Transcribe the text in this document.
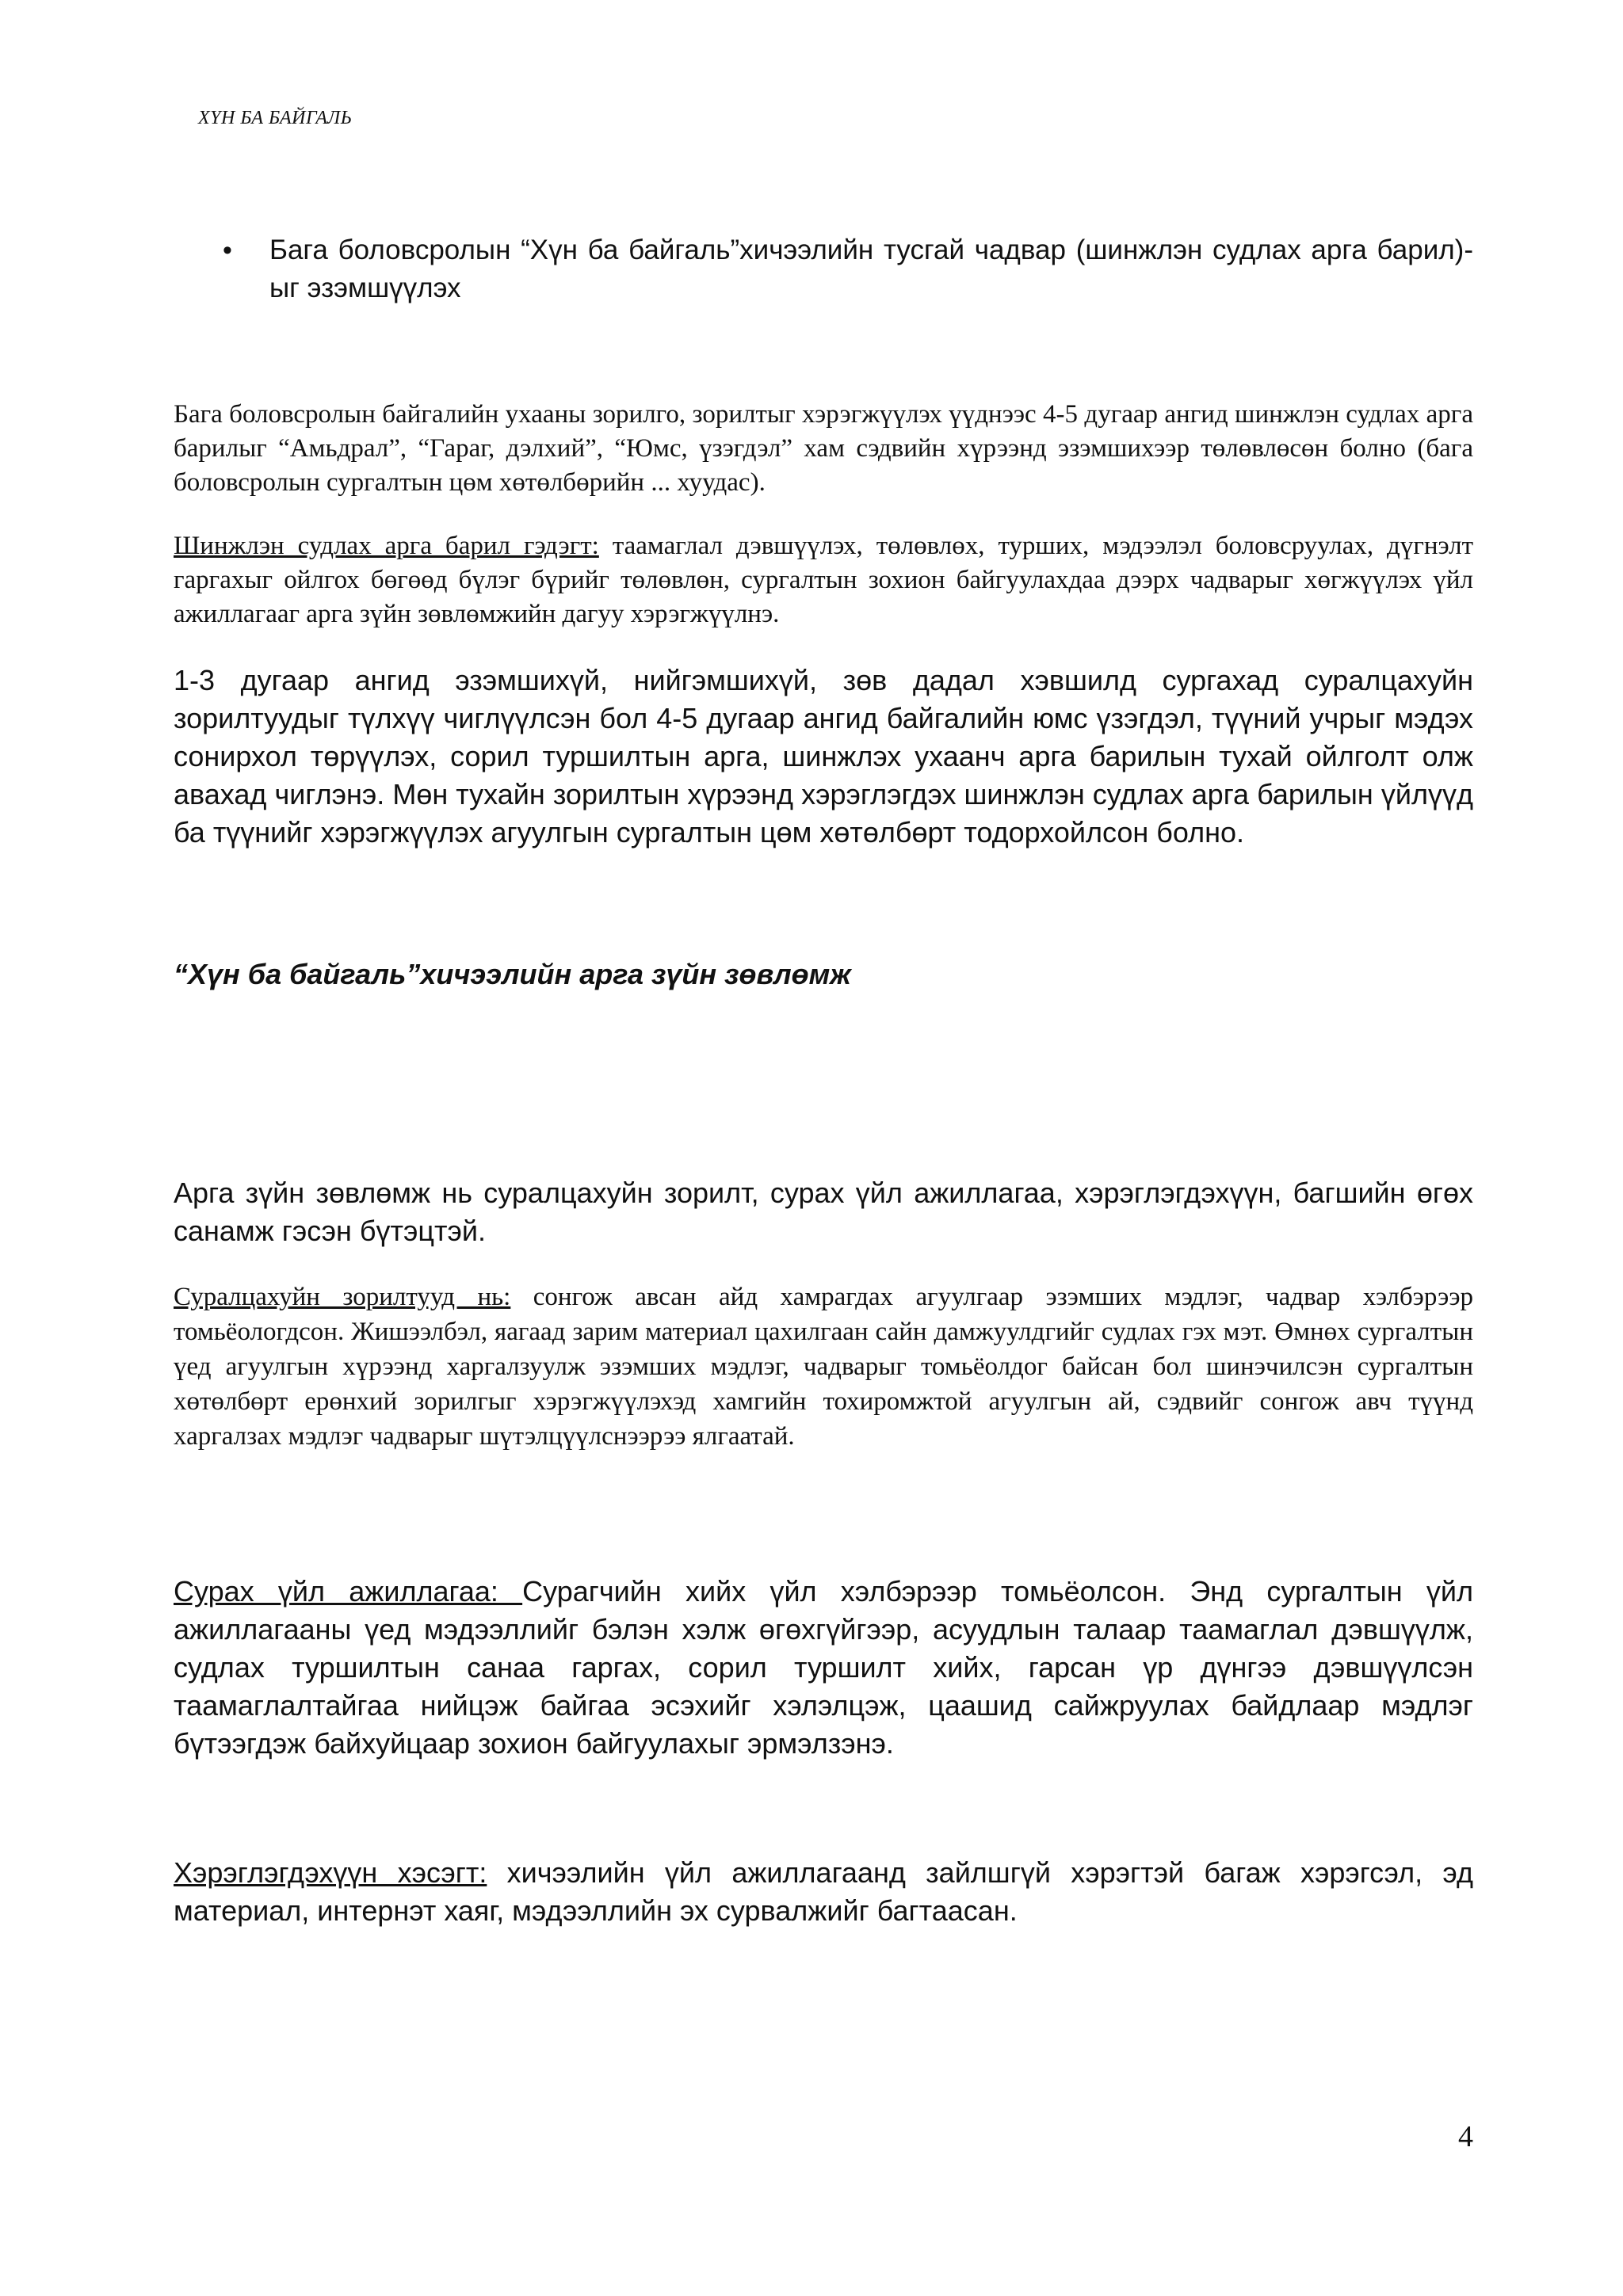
ХҮН БА БАЙГАЛЬ
• Бага боловсролын “Хүн ба байгаль”хичээлийн тусгай чадвар (шинжлэн судлах арга барил)-ыг эзэмшүүлэх

Бага боловсролын байгалийн ухааны зорилго, зорилтыг хэрэгжүүлэх үүднээс 4-5 дугаар ангид шинжлэн судлах арга барилыг “Амьдрал”, “Гараг, дэлхий”, “Юмс, үзэгдэл” хам сэдвийн хүрээнд эзэмшихээр төлөвлөсөн болно (бага боловсролын сургалтын цөм хөтөлбөрийн ... хуудас).

Шинжлэн судлах арга барил гэдэгт: таамаглал дэвшүүлэх, төлөвлөх, турших, мэдээлэл боловсруулах, дүгнэлт гаргахыг ойлгох бөгөөд бүлэг бүрийг төлөвлөн, сургалтын зохион байгуулахдаа дээрх чадварыг хөгжүүлэх үйл ажиллагааг арга зүйн зөвлөмжийн дагуу хэрэгжүүлнэ.

1-3 дугаар ангид эзэмшихүй, нийгэмшихүй, зөв дадал хэвшилд сургахад суралцахуйн зорилтуудыг түлхүү чиглүүлсэн бол 4-5 дугаар ангид байгалийн юмс үзэгдэл, түүний учрыг мэдэх сонирхол төрүүлэх, сорил туршилтын арга, шинжлэх ухаанч арга барилын тухай ойлголт олж авахад чиглэнэ. Мөн тухайн зорилтын хүрээнд хэрэглэгдэх шинжлэн судлах арга барилын үйлүүд ба түүнийг хэрэгжүүлэх агуулгын сургалтын цөм хөтөлбөрт тодорхойлсон болно.

“Хүн ба байгаль”хичээлийн арга зүйн зөвлөмж

Арга зүйн зөвлөмж нь суралцахуйн зорилт, сурах үйл ажиллагаа, хэрэглэгдэхүүн, багшийн өгөх санамж гэсэн бүтэцтэй.

Суралцахуйн зорилтууд нь: сонгож авсан айд хамрагдах агуулгаар эзэмших мэдлэг, чадвар хэлбэрээр томьёологдсон. Жишээлбэл, яагаад зарим материал цахилгаан сайн дамжуулдгийг судлах гэх мэт. Өмнөх сургалтын үед агуулгын хүрээнд харгалзуулж эзэмших мэдлэг, чадварыг томьёолдог байсан бол шинэчилсэн сургалтын хөтөлбөрт ерөнхий зорилгыг хэрэгжүүлэхэд хамгийн тохиромжтой агуулгын ай, сэдвийг сонгож авч түүнд харгалзах мэдлэг чадварыг шүтэлцүүлснээрээ ялгаатай.

Сурах үйл ажиллагаа: Сурагчийн хийх үйл хэлбэрээр томьёолсон. Энд сургалтын үйл ажиллагааны үед мэдээллийг бэлэн хэлж өгөхгүйгээр, асуудлын талаар таамаглал дэвшүүлж, судлах туршилтын санаа гаргах, сорил туршилт хийх, гарсан үр дүнгээ дэвшүүлсэн таамаглалтайгаа нийцэж байгаа эсэхийг хэлэлцэж, цаашид сайжруулах байдлаар мэдлэг бүтээгдэж байхуйцаар зохион байгуулахыг эрмэлзэнэ.

Хэрэглэгдэхүүн хэсэгт: хичээлийн үйл ажиллагаанд зайлшгүй хэрэгтэй багаж хэрэгсэл, эд материал, интернэт хаяг, мэдээллийн эх сурвалжийг багтаасан.

4
